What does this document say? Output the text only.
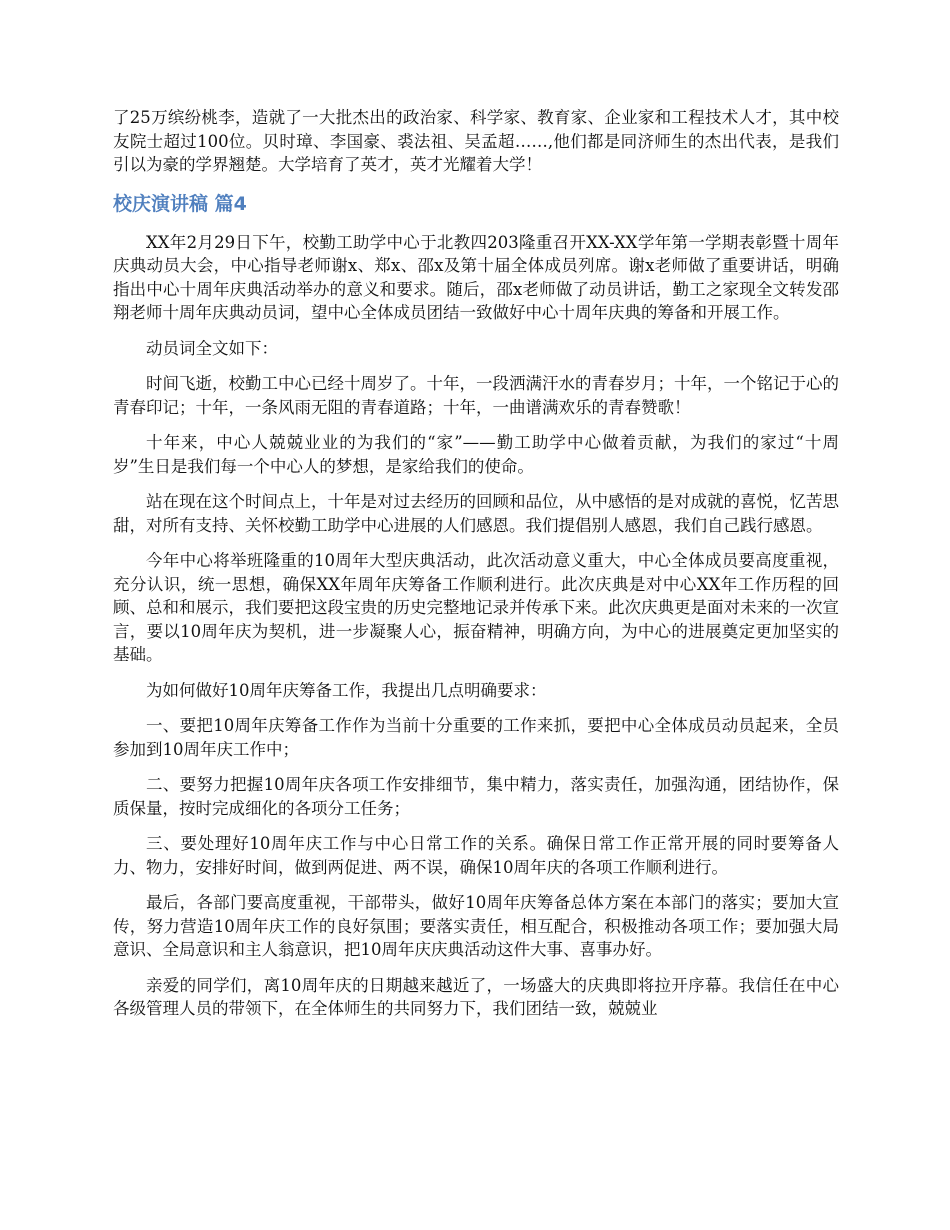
了25万缤纷桃李，造就了一大批杰出的政治家、科学家、教育家、企业家和工程技术人才，其中校友院士超过100位。贝时璋、李国豪、裘法祖、吴孟超……,他们都是同济师生的杰出代表，是我们引以为豪的学界翘楚。大学培育了英才，英才光耀着大学！

校庆演讲稿 篇4

XX年2月29日下午，校勤工助学中心于北教四203隆重召开XX-XX学年第一学期表彰暨十周年庆典动员大会，中心指导老师谢x、郑x、邵x及第十届全体成员列席。谢x老师做了重要讲话，明确指出中心十周年庆典活动举办的意义和要求。随后，邵x老师做了动员讲话，勤工之家现全文转发邵翔老师十周年庆典动员词，望中心全体成员团结一致做好中心十周年庆典的筹备和开展工作。

动员词全文如下：

时间飞逝，校勤工中心已经十周岁了。十年，一段洒满汗水的青春岁月；十年，一个铭记于心的青春印记；十年，一条风雨无阻的青春道路；十年，一曲谱满欢乐的青春赞歌！

十年来，中心人兢兢业业的为我们的“家”——勤工助学中心做着贡献，为我们的家过“十周岁”生日是我们每一个中心人的梦想，是家给我们的使命。

站在现在这个时间点上，十年是对过去经历的回顾和品位，从中感悟的是对成就的喜悦，忆苦思甜，对所有支持、关怀校勤工助学中心进展的人们感恩。我们提倡别人感恩，我们自己践行感恩。

今年中心将举班隆重的10周年大型庆典活动，此次活动意义重大，中心全体成员要高度重视，充分认识，统一思想，确保XX年周年庆筹备工作顺利进行。此次庆典是对中心XX年工作历程的回顾、总和和展示，我们要把这段宝贵的历史完整地记录并传承下来。此次庆典更是面对未来的一次宣言，要以10周年庆为契机，进一步凝聚人心，振奋精神，明确方向，为中心的进展奠定更加坚实的基础。

为如何做好10周年庆筹备工作，我提出几点明确要求：

一、要把10周年庆筹备工作作为当前十分重要的工作来抓，要把中心全体成员动员起来，全员参加到10周年庆工作中；

二、要努力把握10周年庆各项工作安排细节，集中精力，落实责任，加强沟通，团结协作，保质保量，按时完成细化的各项分工任务；

三、要处理好10周年庆工作与中心日常工作的关系。确保日常工作正常开展的同时要筹备人力、物力，安排好时间，做到两促进、两不误，确保10周年庆的各项工作顺利进行。

最后，各部门要高度重视，干部带头，做好10周年庆筹备总体方案在本部门的落实；要加大宣传，努力营造10周年庆工作的良好氛围；要落实责任，相互配合，积极推动各项工作；要加强大局意识、全局意识和主人翁意识，把10周年庆庆典活动这件大事、喜事办好。

亲爱的同学们，离10周年庆的日期越来越近了，一场盛大的庆典即将拉开序幕。我信任在中心各级管理人员的带领下，在全体师生的共同努力下，我们团结一致，兢兢业
